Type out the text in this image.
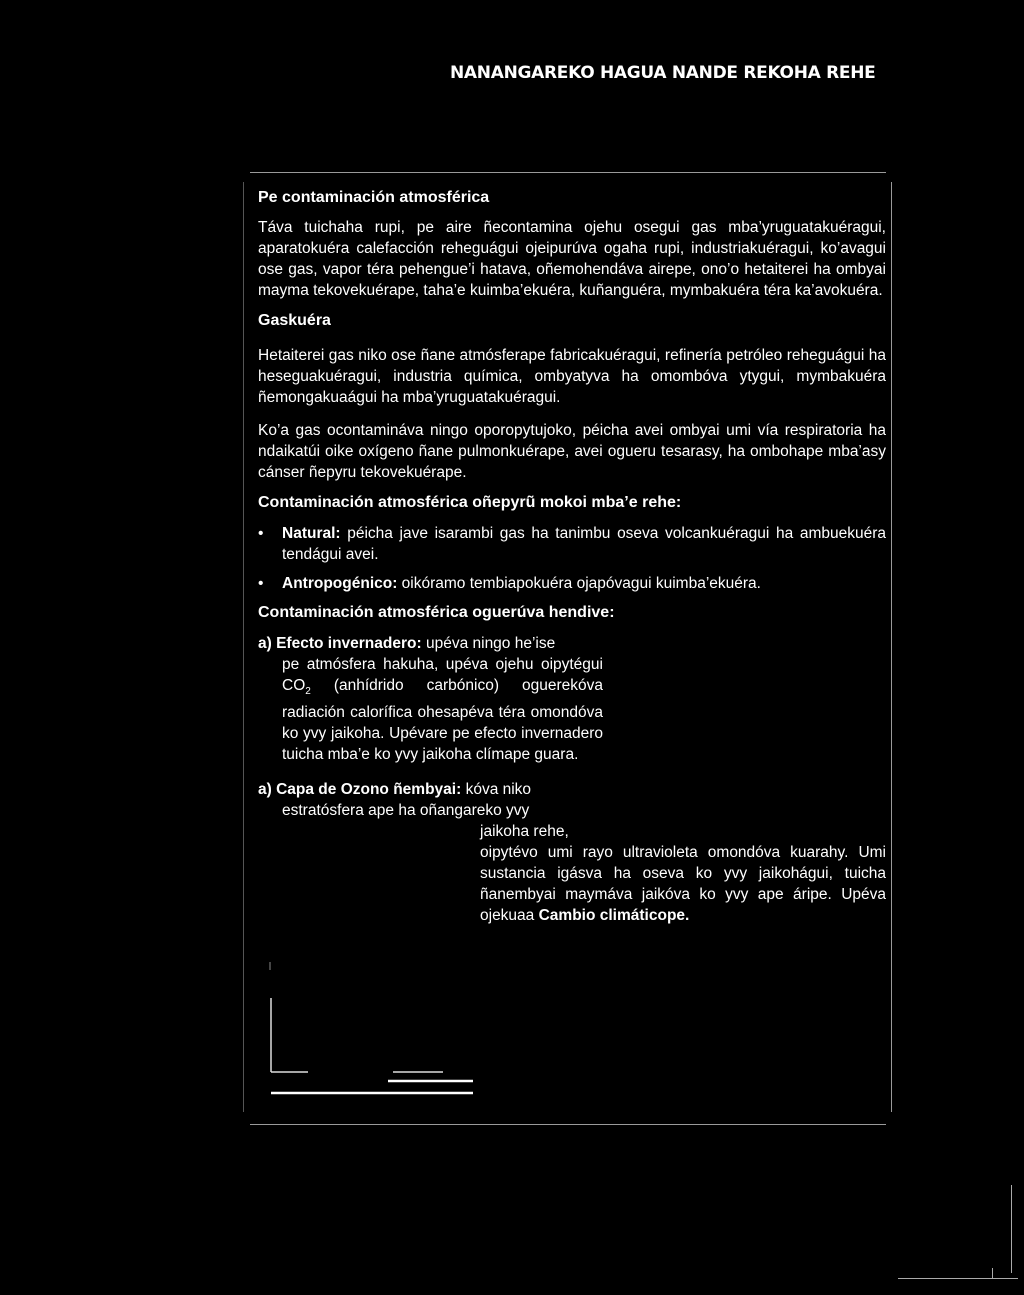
NANANGAREKO HAGUA NANDE REKOHA REHE
Pe contaminación atmosférica

Táva tuichaha rupi, pe aire ñecontamina ojehu osegui gas mba’yruguatakuéragui, aparatokuéra calefacción reheguágui ojeipurúva ogaha rupi, industriakuéragui, ko’avagui ose gas, vapor téra pehengue’i hatava, oñemohendáva airepe, ono’o hetaiterei ha ombyai mayma tekovekuérape, taha’e kuimba’ekuéra, kuñanguéra, mymbakuéra téra ka’avokuéra.

Gaskuéra

Hetaiterei gas niko ose ñane atmósferape fabricakuéragui, refinería petróleo reheguágui ha heseguakuéragui, industria química, ombyatyva ha omombóva ytygui, mymbakuéra ñemongakuaágui ha mba’yruguatakuéragui.

Ko’a gas ocontamináva ningo oporopytujoko, péicha avei ombyai umi vía respiratoria ha ndaikatúi oike oxígeno ñane pulmonkuérape, avei ogueru tesarasy, ha ombohape mba’asy cánser ñepyru tekovekuérape.

Contaminación atmosférica oñepyrũ mokoi mba’e rehe:
• Natural: péicha jave isarambi gas ha tanimbu oseva volcankuéragui ha ambuekuéra tendágui avei.
• Antropogénico: oikóramo tembiapokuéra ojapóvagui kuimba’ekuéra.
Contaminación atmosférica oguerúva hendive:
a) Efecto invernadero: upéva ningo he’ise
pe atmósfera hakuha, upéva ojehu oipytégui $CO_2$ (anhídrido carbónico) oguerekóva radiación calorífica ohesapéva téra omondóva ko yvy jaikoha. Upévare pe efecto invernadero tuicha mba’e ko yvy jaikoha clímape guara.
a) Capa de Ozono ñembyai: kóva niko
estratósfera ape ha oñangareko yvy
jaikoha rehe,
oipytévo umi rayo ultravioleta omondóva kuarahy. Umi sustancia igásva ha oseva ko yvy jaikohágui, tuicha ñanembyai maymáva jaikóva ko yvy ape áripe. Upéva ojekuaa Cambio climáticope.
